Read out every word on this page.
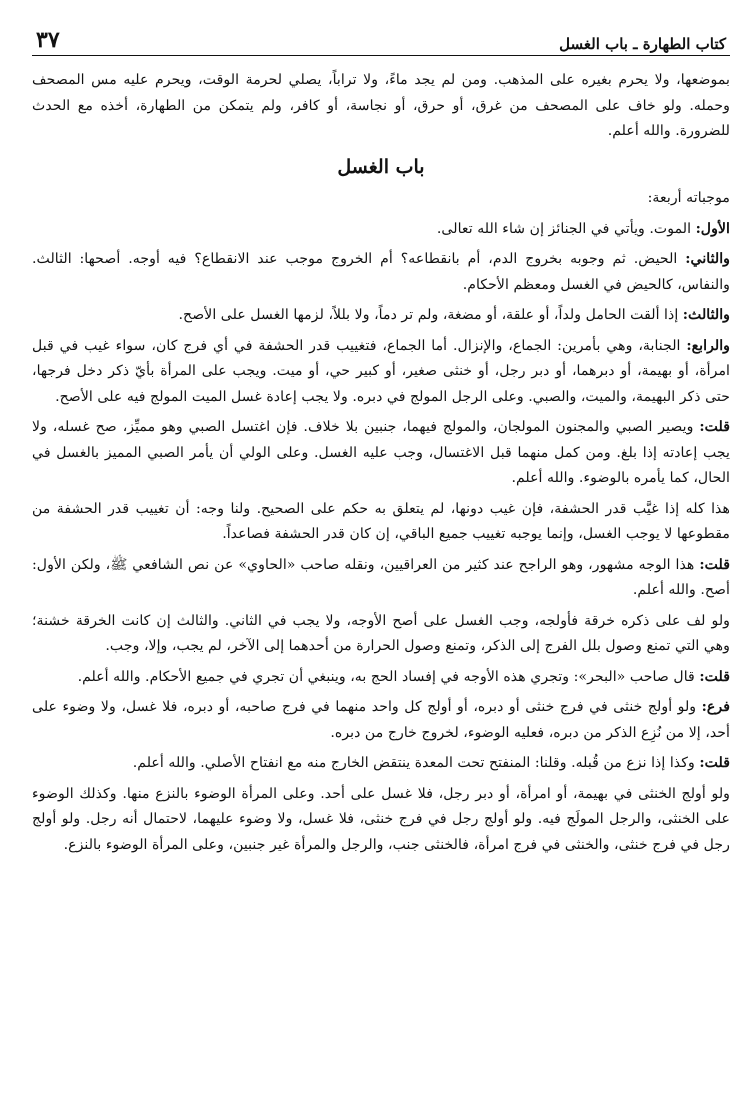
كتاب الطهارة ـ باب الغسل
٣٧

بموضعها، ولا يحرم بغيره على المذهب. ومن لم يجد ماءً، ولا تراباً، يصلي لحرمة الوقت، ويحرم عليه مس المصحف وحمله. ولو خاف على المصحف من غرق، أو حرق، أو نجاسة، أو كافر، ولم يتمكن من الطهارة، أخذه مع الحدث للضرورة. والله أعلم.

باب الغسل

موجباته أربعة:

الأول: الموت. ويأتي في الجنائز إن شاء الله تعالى.

والثاني: الحيض. ثم وجوبه بخروج الدم، أم بانقطاعه؟ أم الخروج موجب عند الانقطاع؟ فيه أوجه. أصحها: الثالث. والنفاس، كالحيض في الغسل ومعظم الأحكام.

والثالث: إذا ألقت الحامل ولداً، أو علقة، أو مضغة، ولم تر دماً، ولا بللاً، لزمها الغسل على الأصح.

والرابع: الجنابة، وهي بأمرين: الجماع، والإنزال. أما الجماع، فتغييب قدر الحشفة في أي فرج كان، سواء غيب في قبل امرأة، أو بهيمة، أو دبرهما، أو دبر رجل، أو خنثى صغير، أو كبير حي، أو ميت. ويجب على المرأة بأيّ ذكر دخل فرجها، حتى ذكر البهيمة، والميت، والصبي. وعلى الرجل المولج في دبره. ولا يجب إعادة غسل الميت المولج فيه على الأصح.

قلت: ويصير الصبي والمجنون المولجان، والمولج فيهما، جنبين بلا خلاف. فإن اغتسل الصبي وهو مميِّز، صح غسله، ولا يجب إعادته إذا بلغ. ومن كمل منهما قبل الاغتسال، وجب عليه الغسل. وعلى الولي أن يأمر الصبي المميز بالغسل في الحال، كما يأمره بالوضوء. والله أعلم.

هذا كله إذا غيَّب قدر الحشفة، فإن غيب دونها، لم يتعلق به حكم على الصحيح. ولنا وجه: أن تغييب قدر الحشفة من مقطوعها لا يوجب الغسل، وإنما يوجبه تغييب جميع الباقي، إن كان قدر الحشفة فصاعداً.

قلت: هذا الوجه مشهور، وهو الراجح عند كثير من العراقيين، ونقله صاحب «الحاوي» عن نص الشافعي ﷺ، ولكن الأول: أصح. والله أعلم.

ولو لف على ذكره خرقة فأولجه، وجب الغسل على أصح الأوجه، ولا يجب في الثاني. والثالث إن كانت الخرقة خشنة؛ وهي التي تمنع وصول بلل الفرج إلى الذكر، وتمنع وصول الحرارة من أحدهما إلى الآخر، لم يجب، وإلا، وجب.

قلت: قال صاحب «البحر»: وتجري هذه الأوجه في إفساد الحج به، وينبغي أن تجري في جميع الأحكام. والله أعلم.

فرع: ولو أولج خنثى في فرج خنثى أو دبره، أو أولج كل واحد منهما في فرج صاحبه، أو دبره، فلا غسل، ولا وضوء على أحد، إلا من نُزِع الذكر من دبره، فعليه الوضوء، لخروج خارج من دبره.

قلت: وكذا إذا نزع من قُبله. وقلنا: المنفتح تحت المعدة ينتقض الخارج منه مع انفتاح الأصلي. والله أعلم.

ولو أولج الخنثى في بهيمة، أو امرأة، أو دبر رجل، فلا غسل على أحد. وعلى المرأة الوضوء بالنزع منها. وكذلك الوضوء على الخنثى، والرجل المولَج فيه. ولو أولج رجل في فرج خنثى، فلا غسل، ولا وضوء عليهما، لاحتمال أنه رجل. ولو أولج رجل في فرج خنثى، والخنثى في فرج امرأة، فالخنثى جنب، والرجل والمرأة غير جنبين، وعلى المرأة الوضوء بالنزع.
